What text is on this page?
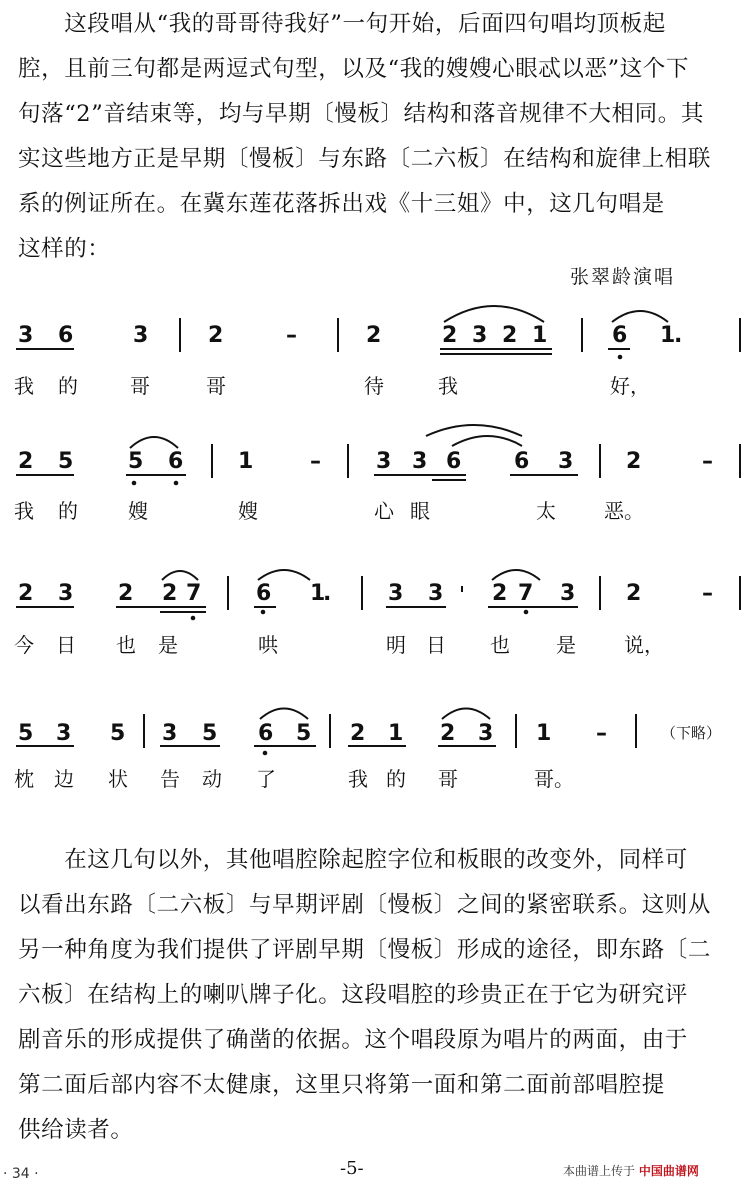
　　这段唱从“我的哥哥待我好”一句开始，后面四句唱均顶板起
腔，且前三句都是两逗式句型，以及“我的嫂嫂心眼忒以恶”这个下
句落“2”音结束等，均与早期〔慢板〕结构和落音规律不大相同。其
实这些地方正是早期〔慢板〕与东路〔二六板〕在结构和旋律上相联
系的例证所在。在冀东莲花落拆出戏《十三姐》中，这几句唱是
这样的：
张翠龄演唱
3 6	3	2	–	2	2 3 2 1	6 1
.
2 5 5 6 1	–	3 3 6 6 3 2	–
2 3 2 2 7 6 1
.	3 3 2 7 3 2	–
5 3 5 3 5 6 5 2 1 2 3 1 –
我 的	哥	哥	待	我	好，
我 的	嫂	嫂	心 眼	太 恶。
今 日 也 是	哄	明 日 也 是 说，
枕 边 状 告 动 了	我 的 哥	哥。
（下略）
　　在这几句以外，其他唱腔除起腔字位和板眼的改变外，同样可
以看出东路〔二六板〕与早期评剧〔慢板〕之间的紧密联系。这则从
另一种角度为我们提供了评剧早期〔慢板〕形成的途径，即东路〔二
六板〕在结构上的喇叭牌子化。这段唱腔的珍贵正在于它为研究评
剧音乐的形成提供了确凿的依据。这个唱段原为唱片的两面，由于
第二面后部内容不太健康，这里只将第一面和第二面前部唱腔提
供给读者。
· 34 ·	-5-	本曲谱上传于 中国曲谱网
